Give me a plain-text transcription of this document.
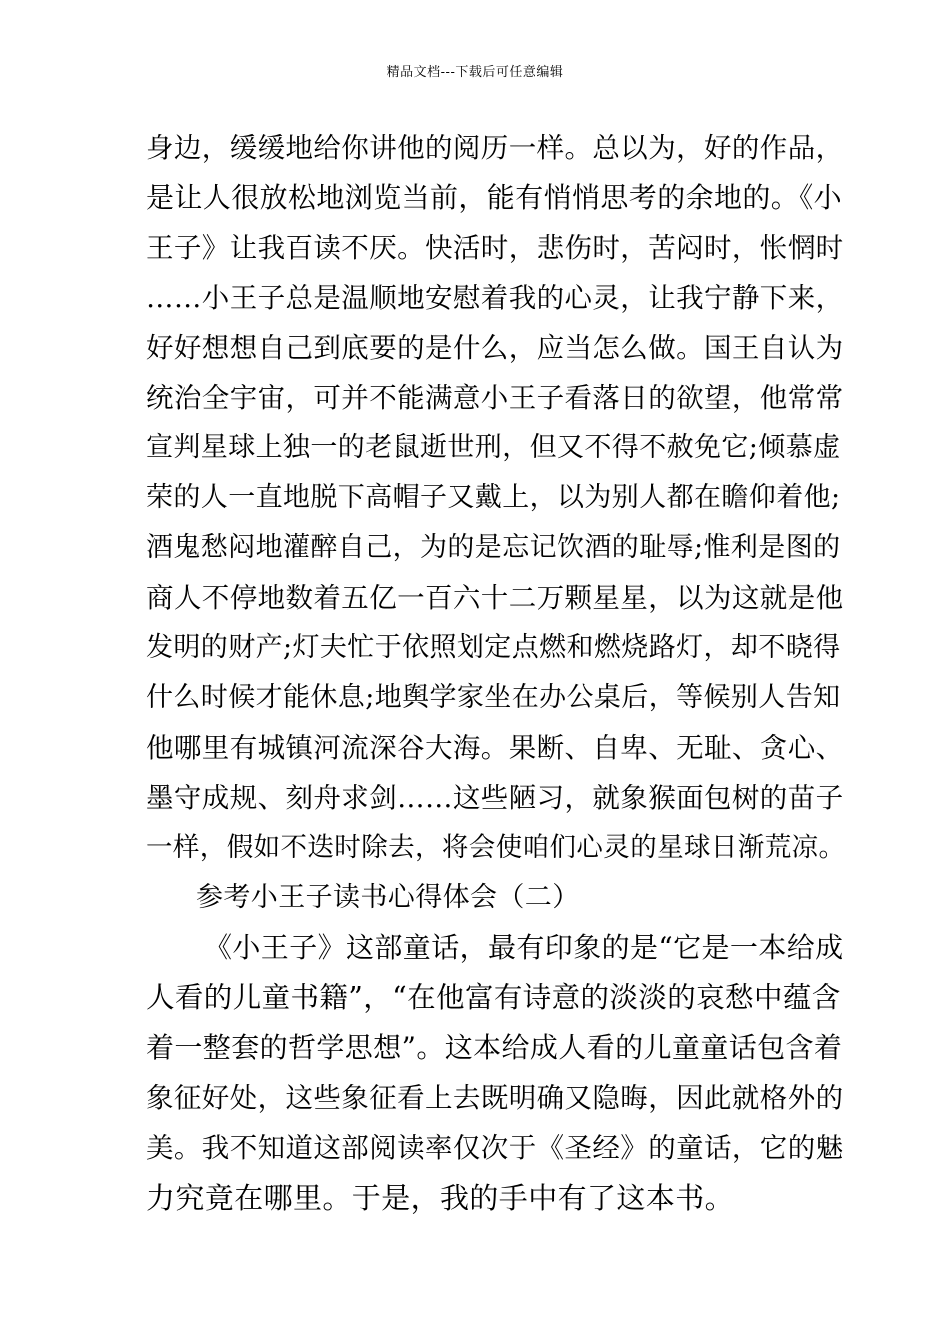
精品文档---下载后可任意编辑
身边，缓缓地给你讲他的阅历一样。总以为，好的作品，
是让人很放松地浏览当前，能有悄悄思考的余地的。《小
王子》让我百读不厌。快活时，悲伤时，苦闷时，怅惘时
……小王子总是温顺地安慰着我的心灵，让我宁静下来，
好好想想自己到底要的是什么，应当怎么做。国王自认为
统治全宇宙，可并不能满意小王子看落日的欲望，他常常
宣判星球上独一的老鼠逝世刑，但又不得不赦免它;倾慕虚
荣的人一直地脱下高帽子又戴上，以为别人都在瞻仰着他;
酒鬼愁闷地灌醉自己，为的是忘记饮酒的耻辱;惟利是图的
商人不停地数着五亿一百六十二万颗星星，以为这就是他
发明的财产;灯夫忙于依照划定点燃和燃烧路灯，却不晓得
什么时候才能休息;地舆学家坐在办公桌后，等候别人告知
他哪里有城镇河流深谷大海。果断、自卑、无耻、贪心、
墨守成规、刻舟求剑……这些陋习，就象猴面包树的苗子
一样，假如不迭时除去，将会使咱们心灵的星球日渐荒凉。
参考小王子读书心得体会（二）
《小王子》这部童话，最有印象的是“它是一本给成
人看的儿童书籍”，“在他富有诗意的淡淡的哀愁中蕴含
着一整套的哲学思想”。这本给成人看的儿童童话包含着
象征好处，这些象征看上去既明确又隐晦，因此就格外的
美。我不知道这部阅读率仅次于《圣经》的童话，它的魅
力究竟在哪里。于是，我的手中有了这本书。
